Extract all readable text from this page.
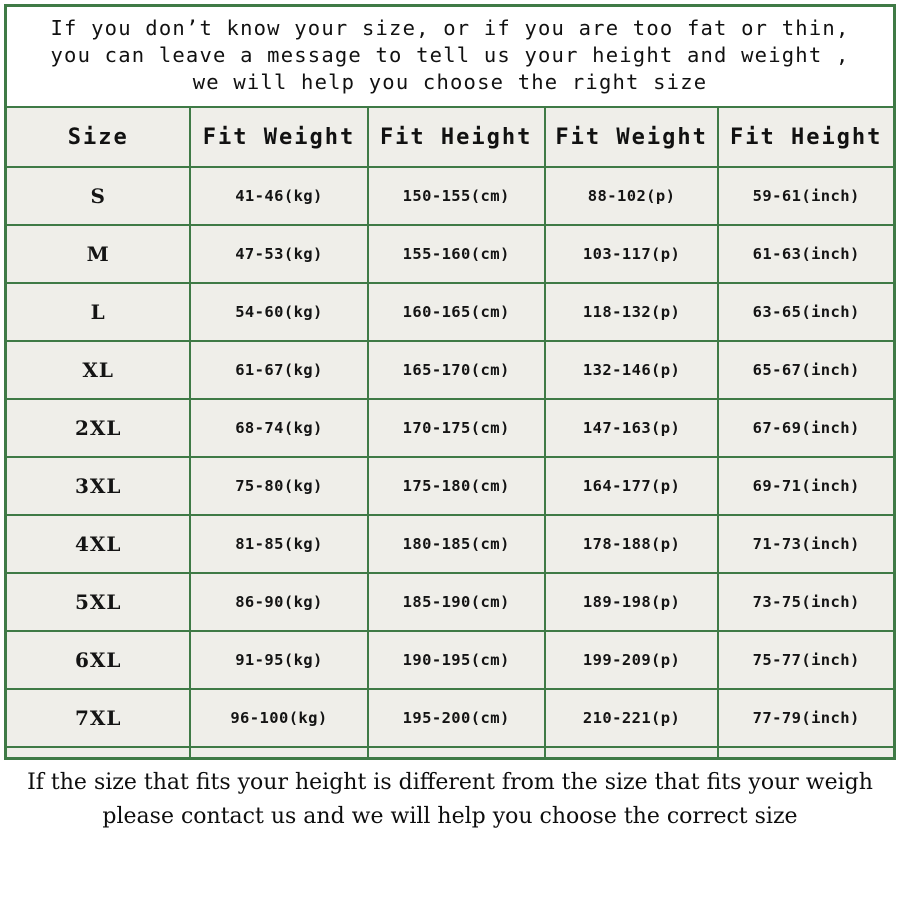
If you don’t know your size, or if you are too fat or thin,
you can leave a message to tell us your height and weight ,
we will help you choose the right size
Size	Fit Weight	Fit Height	Fit Weight	Fit Height
S	41-46(kg)	150-155(cm)	88-102(p)	59-61(inch)
M	47-53(kg)	155-160(cm)	103-117(p)	61-63(inch)
L	54-60(kg)	160-165(cm)	118-132(p)	63-65(inch)
XL	61-67(kg)	165-170(cm)	132-146(p)	65-67(inch)
2XL	68-74(kg)	170-175(cm)	147-163(p)	67-69(inch)
3XL	75-80(kg)	175-180(cm)	164-177(p)	69-71(inch)
4XL	81-85(kg)	180-185(cm)	178-188(p)	71-73(inch)
5XL	86-90(kg)	185-190(cm)	189-198(p)	73-75(inch)
6XL	91-95(kg)	190-195(cm)	199-209(p)	75-77(inch)
7XL	96-100(kg)	195-200(cm)	210-221(p)	77-79(inch)

If the size that fits your height is different from the size that fits your weigh
please contact us and we will help you choose the correct size
